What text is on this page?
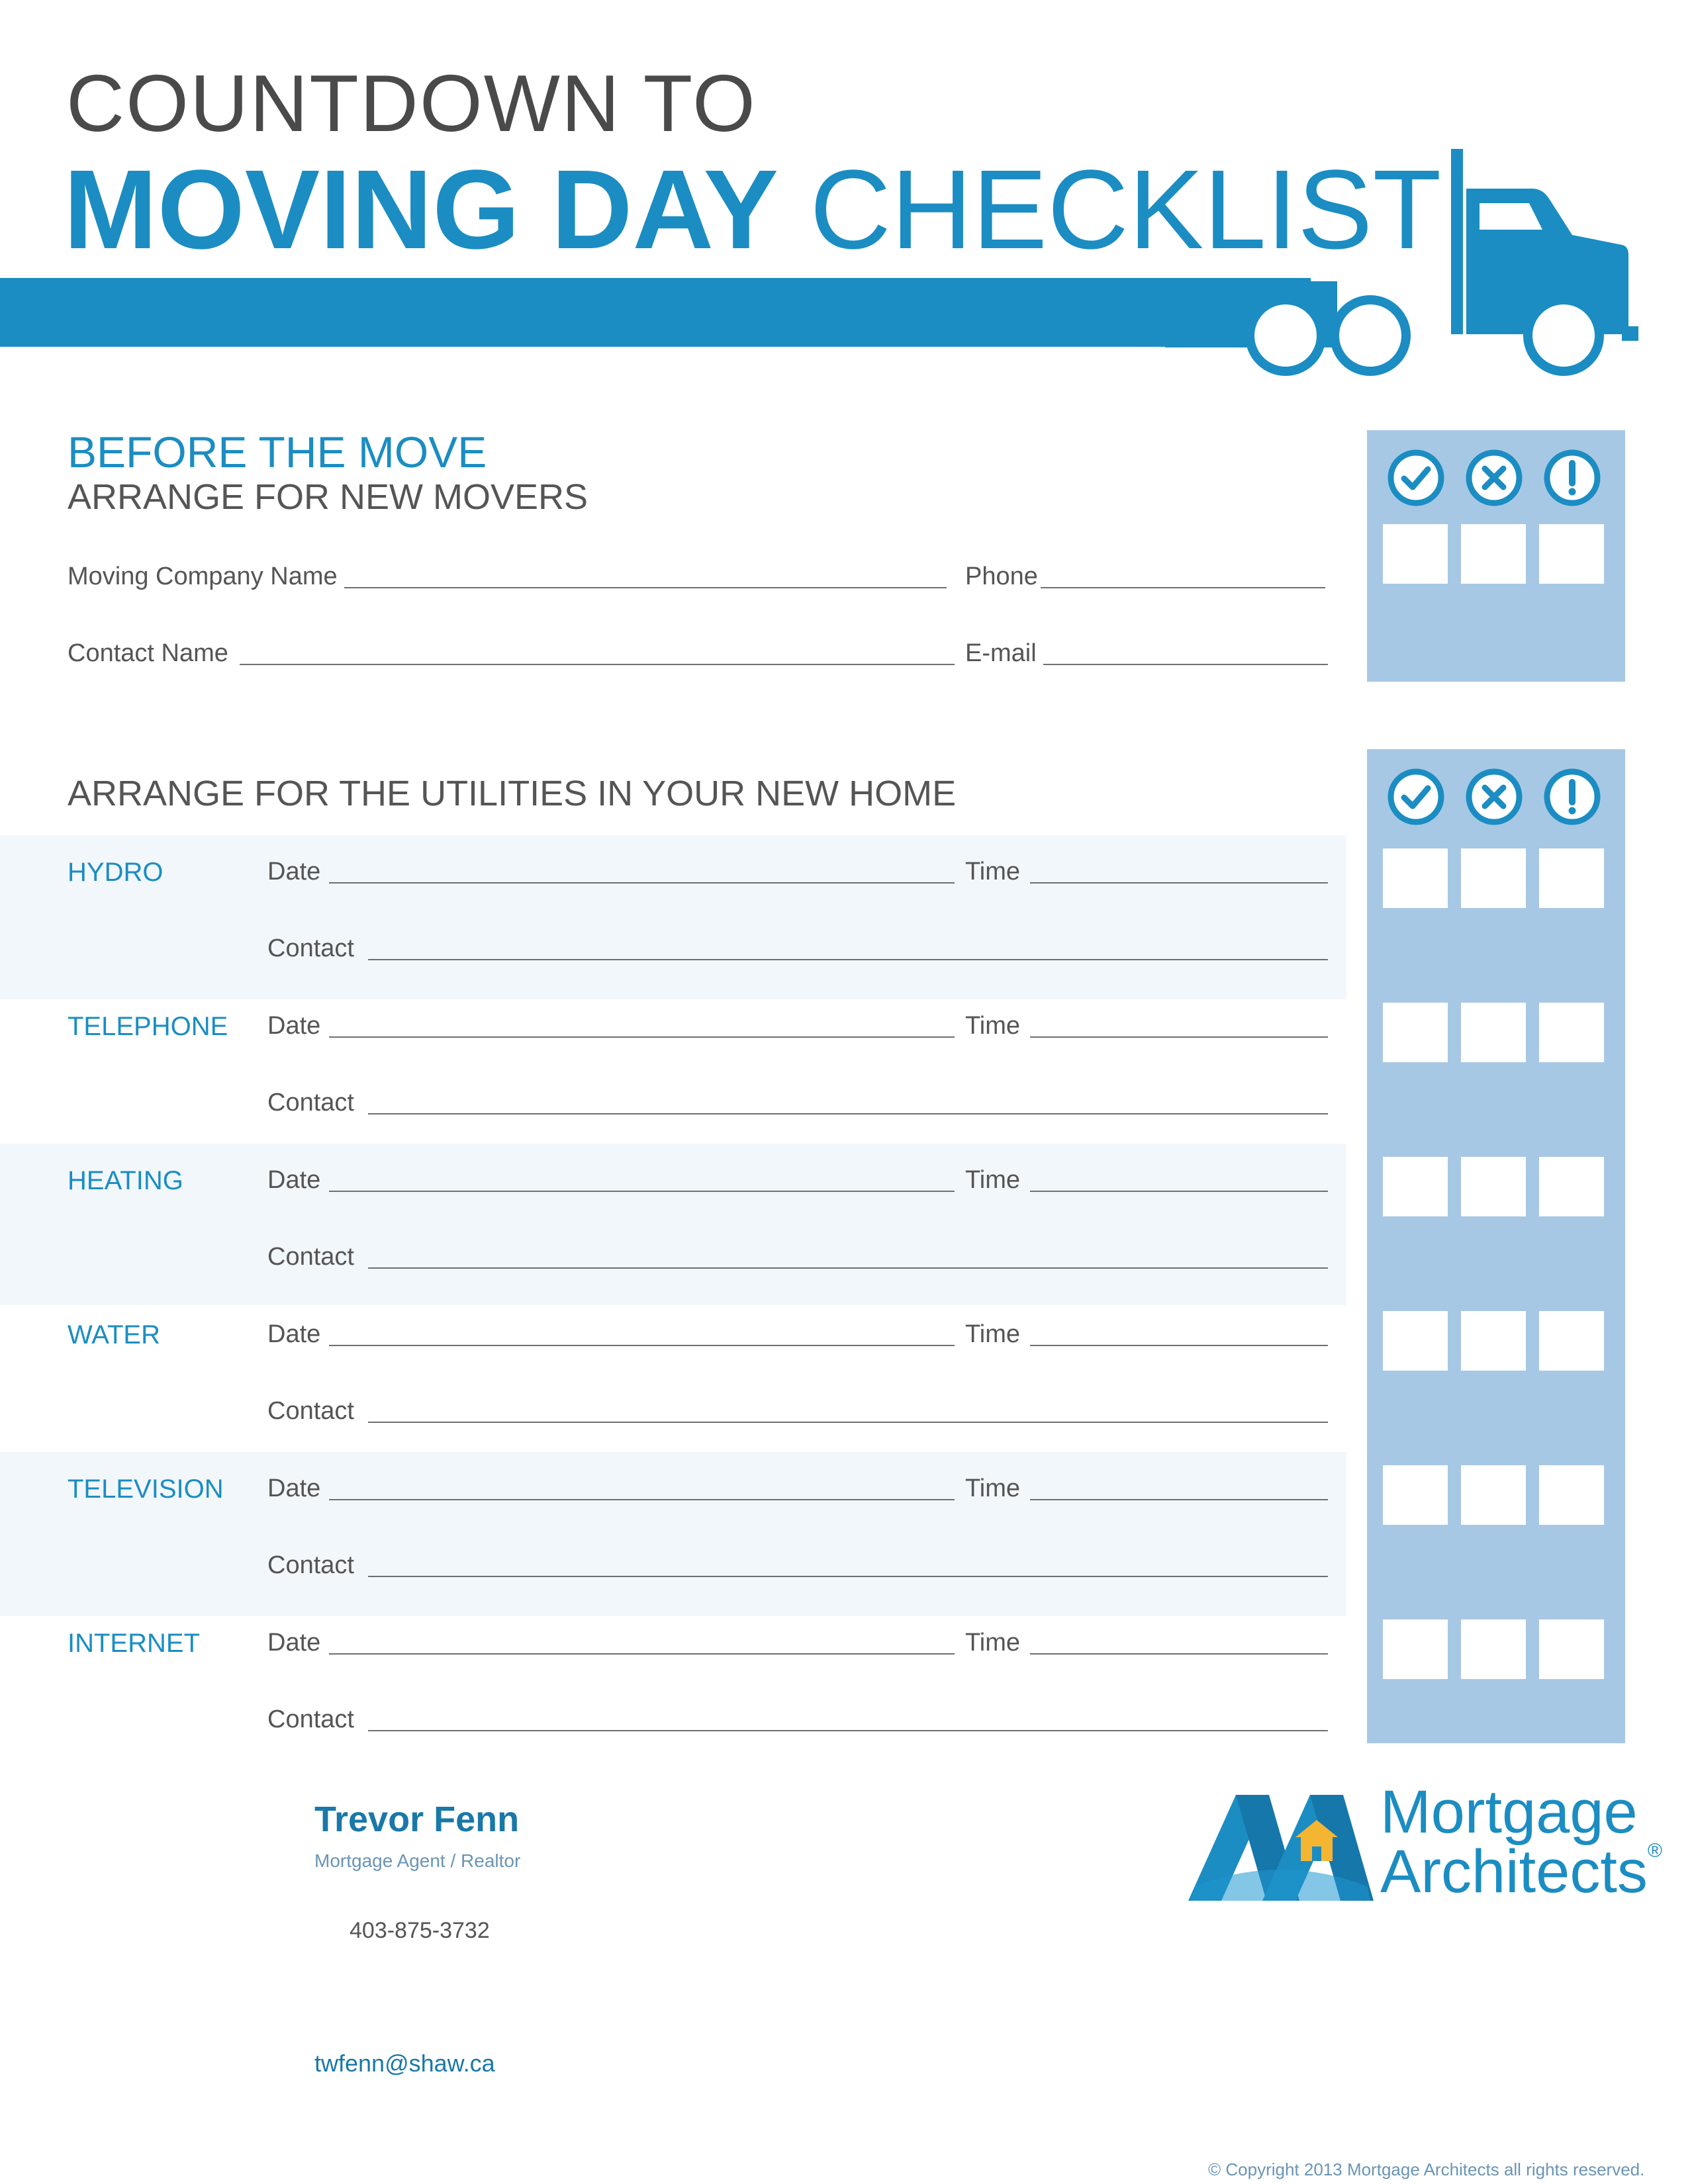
COUNTDOWN TO
MOVING DAY CHECKLIST
BEFORE THE MOVE
ARRANGE FOR NEW MOVERS
Moving Company Name	Phone
Contact Name	E-mail
ARRANGE FOR THE UTILITIES IN YOUR NEW HOME
HYDRO	Date	Time
Contact
TELEPHONE Date	Time
Contact
HEATING	Date	Time
Contact
WATER	Date	Time
Contact
TELEVISION Date	Time
Contact
INTERNET	Date	Time
Contact
Trevor Fenn
Mortgage Agent / Realtor
403-875-3732
twfenn@shaw.ca
Mortgage
Architects®
© Copyright 2013 Mortgage Architects all rights reserved.
